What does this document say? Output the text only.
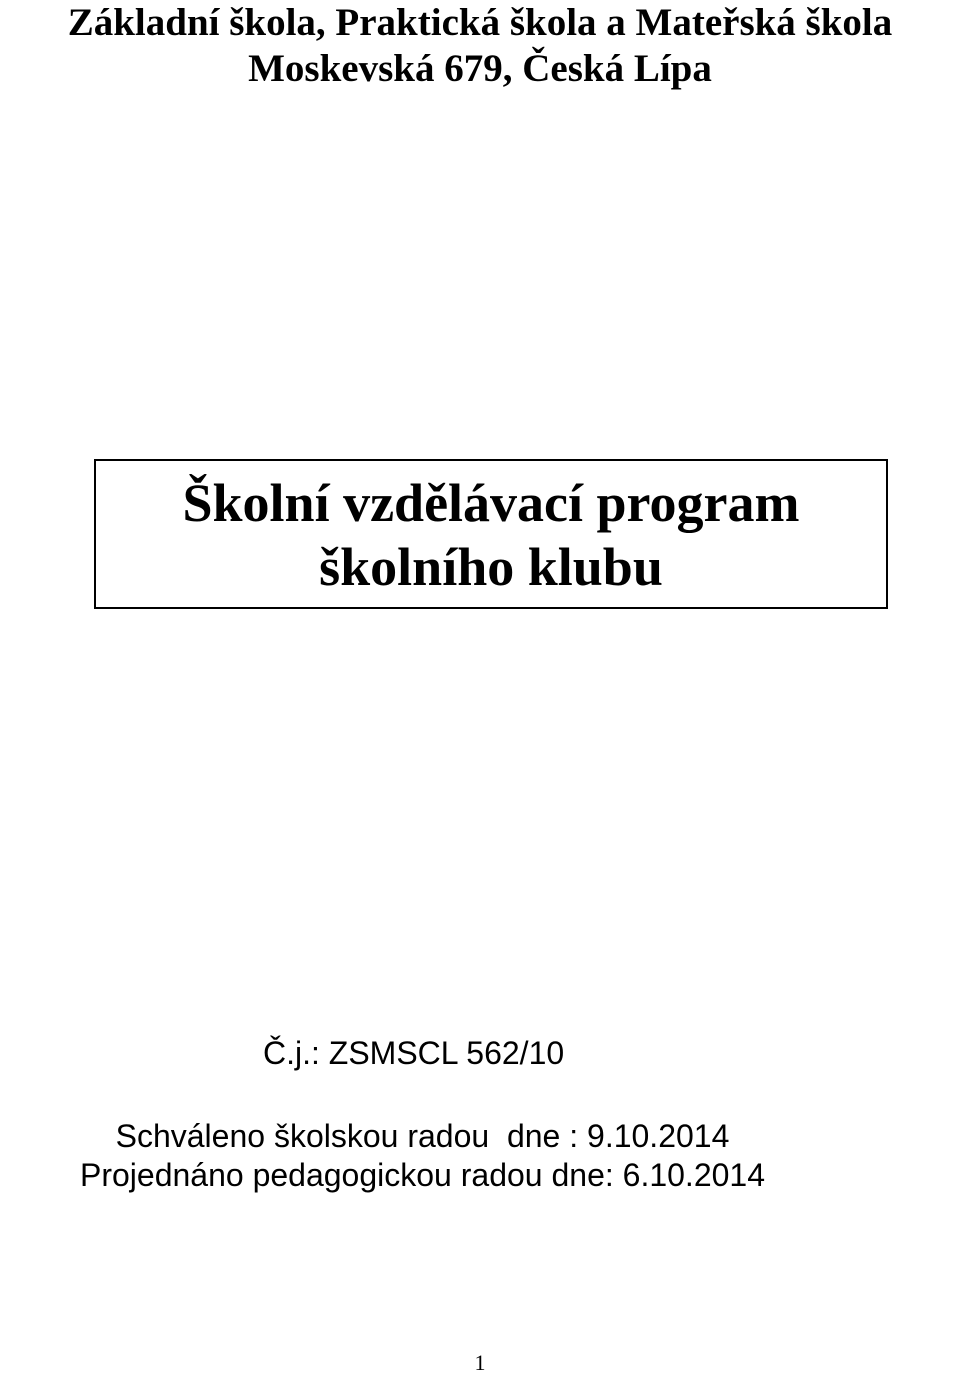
Základní škola, Praktická škola a Mateřská škola
Moskevská 679, Česká Lípa
Školní vzdělávací program
školního klubu
Č.j.: ZSMSCL 562/10
Schváleno školskou radou  dne : 9.10.2014
Projednáno pedagogickou radou dne: 6.10.2014
1
